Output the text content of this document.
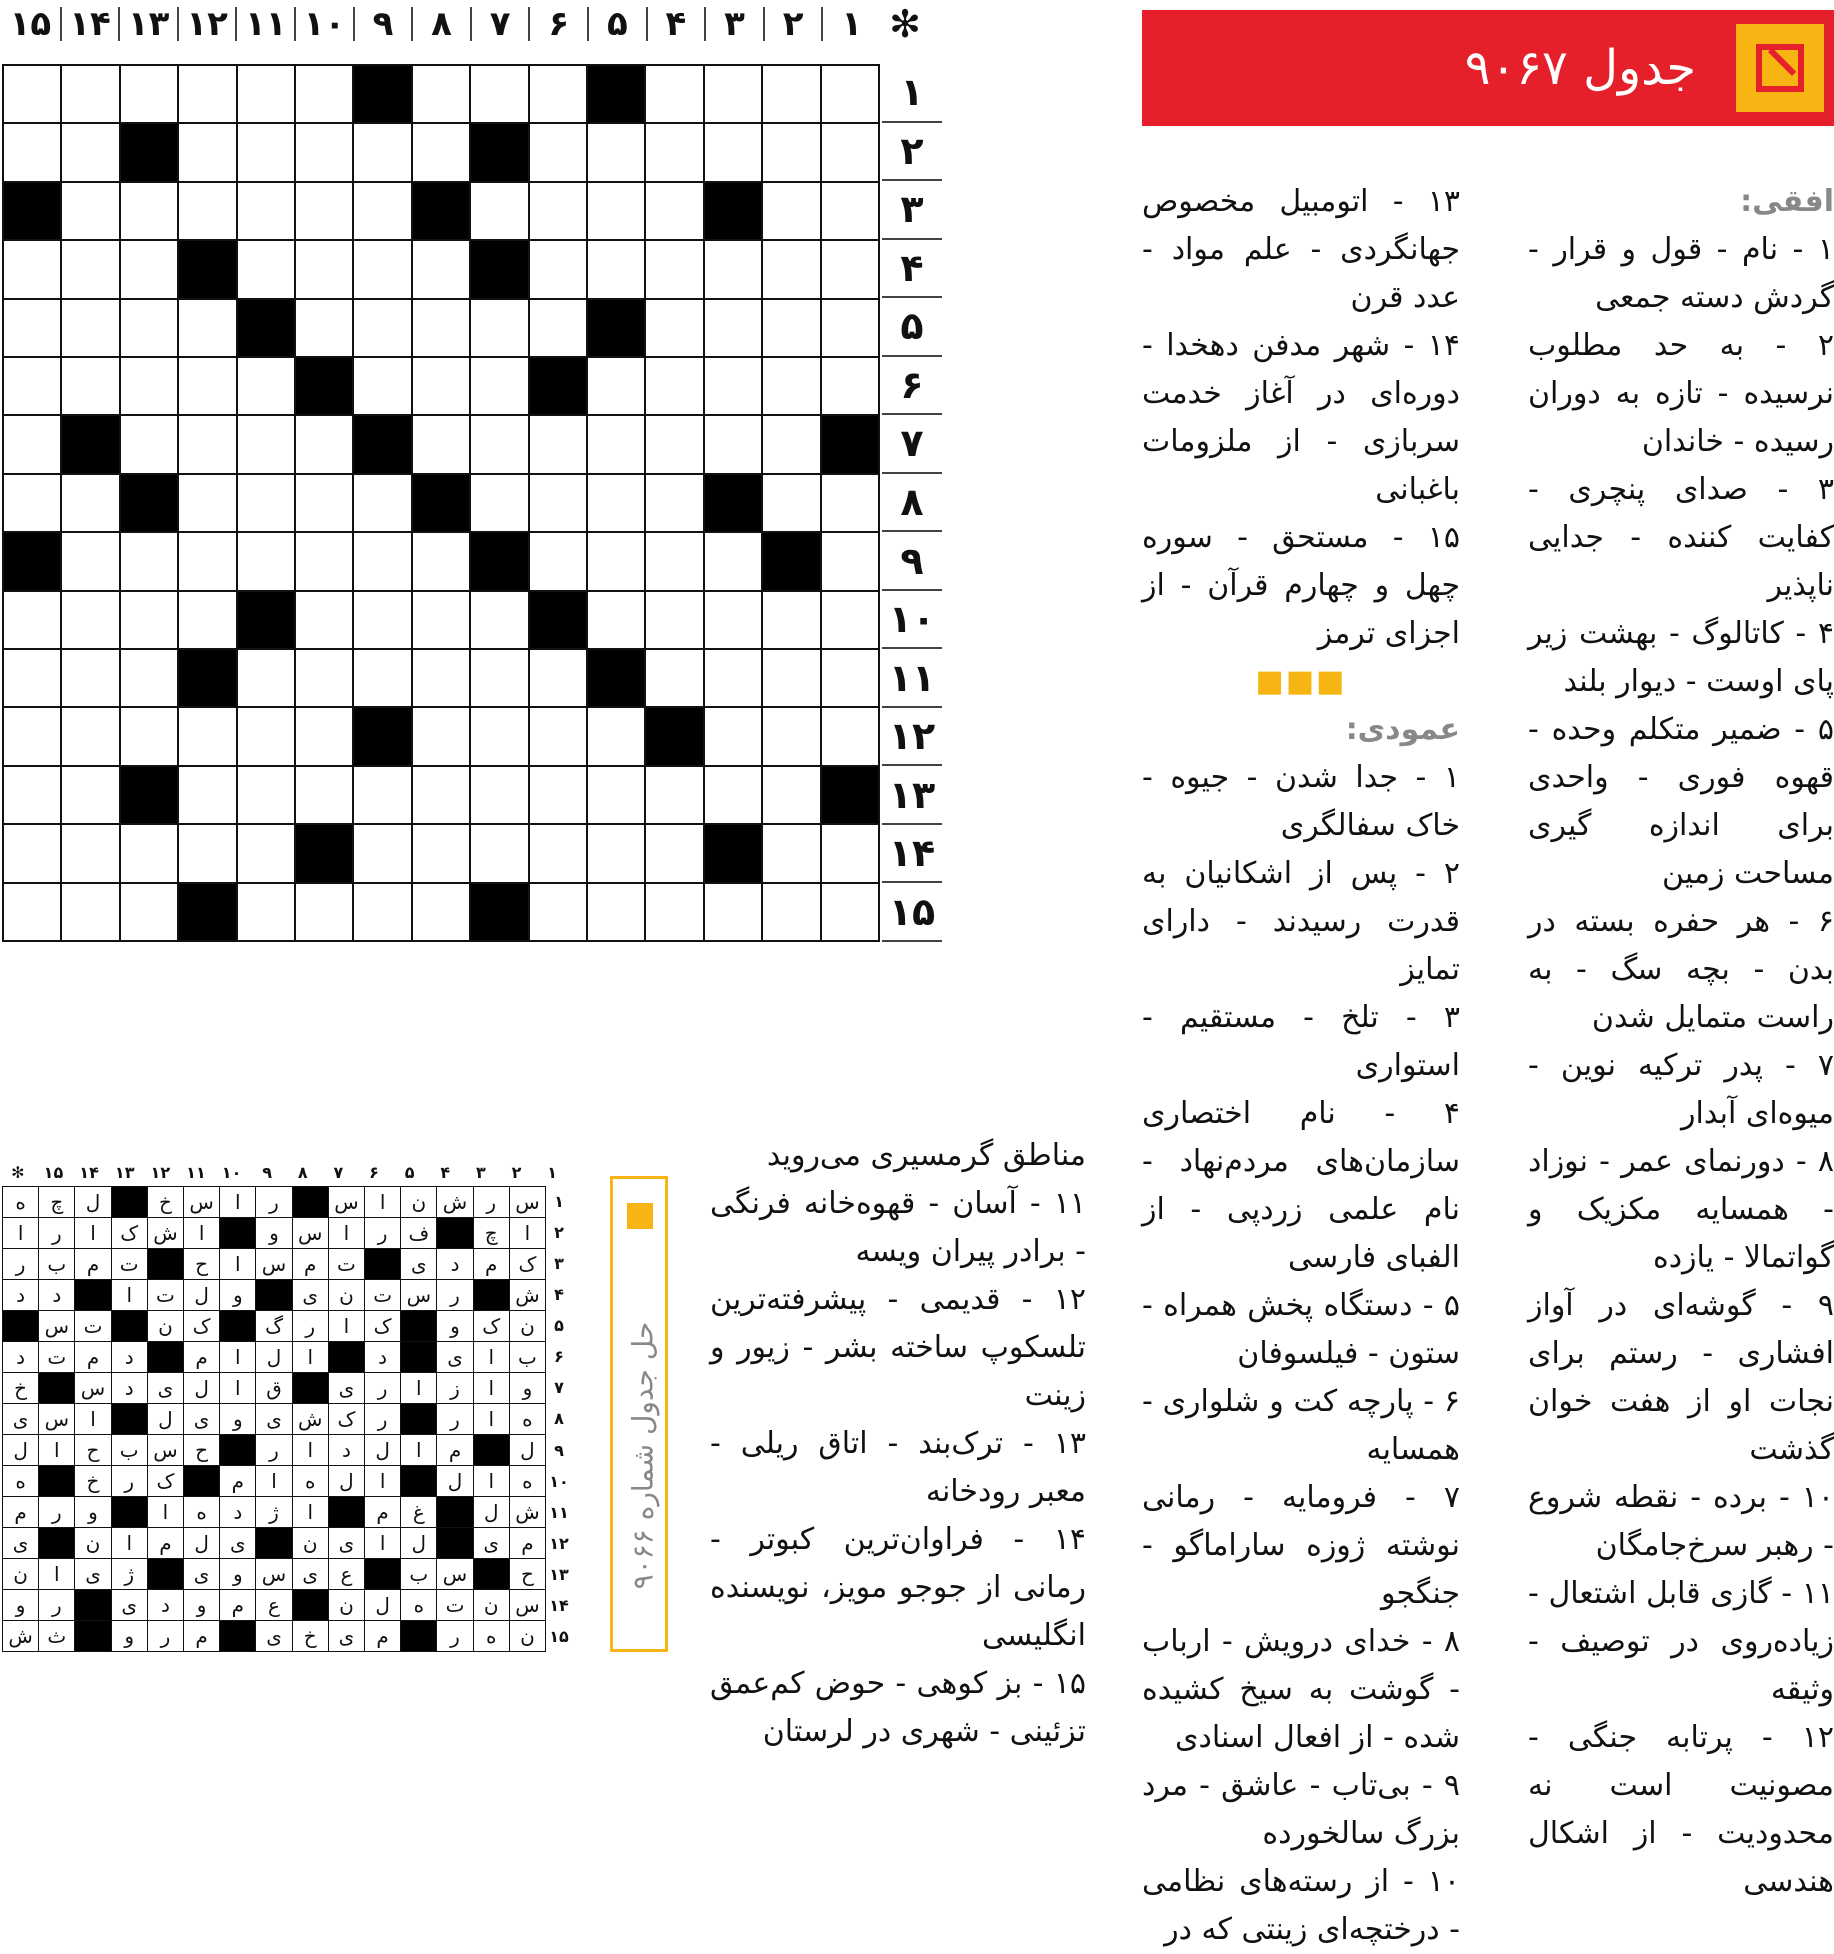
✻
۱
۲
۳
۴
۵
۶
۷
۸
۹
۱۰
۱۱
۱۲
۱۳
۱۴
۱۵
۱
۲
۳
۴
۵
۶
۷
۸
۹
۱۰
۱۱
۱۲
۱۳
۱۴
۱۵
جدول ۹۰۶۷

افقی:

۱ - نام - قول و قرار - گردش دسته جمعی

۲ - به حد مطلوب نرسیده - تازه به دوران رسیده - خاندان

۳ - صدای پنچری - کفایت کننده - جدایی ناپذیر

۴ - کاتالوگ - بهشت زیر پای اوست - دیوار بلند

۵ - ضمیر متکلم وحده - قهوه فوری - واحدی برای اندازه گیری مساحت زمین

۶ - هر حفره بسته در بدن - بچه سگ - به راست متمایل شدن

۷ - پدر ترکیه نوین - میوه‌ای آبدار

۸ - دورنمای عمر - نوزاد - همسایه مکزیک و گواتمالا - یازده

۹ - گوشه‌ای در آواز افشاری - رستم برای نجات او از هفت خوان گذشت

۱۰ - برده - نقطه شروع - رهبر سرخ‌جامگان

۱۱ - گازی قابل اشتعال - زیاده‌روی در توصیف - وثیقه

۱۲ - پرتابه جنگی - مصونیت است نه محدودیت - از اشکال هندسی

۱۳ - اتومبیل مخصوص جهانگردی - علم مواد - عدد قرن

۱۴ - شهر مدفن دهخدا - دوره‌ای در آغاز خدمت سربازی - از ملزومات باغبانی

۱۵ - مستحق - سوره چهل و چهارم قرآن - از اجزای ترمز

■■■

عمودی:

۱ - جدا شدن - جیوه - خاک سفالگری

۲ - پس از اشکانیان به قدرت رسیدند - دارای تمایز

۳ - تلخ - مستقیم - استواری

۴ - نام اختصاری سازمان‌های مردم‌نهاد - نام علمی زردپی - از الفبای فارسی

۵ - دستگاه پخش همراه - ستون - فیلسوفان

۶ - پارچه کت و شلواری - همسایه

۷ - فرومایه - رمانی نوشته ژوزه ساراماگو - جنگجو

۸ - خدای درویش - ارباب - گوشت به سیخ کشیده شده - از افعال اسنادی

۹ - بی‌تاب - عاشق - مرد بزرگ سالخورده

۱۰ - از رسته‌های نظامی - درختچه‌ای زینتی که در

مناطق گرمسیری می‌روید

۱۱ - آسان - قهوه‌خانه فرنگی - برادر پیران ویسه

۱۲ - قدیمی - پیشرفته‌ترین تلسکوپ ساخته بشر - زیور و زینت

۱۳ - ترک‌بند - اتاق ریلی - معبر رودخانه

۱۴ - فراوان‌ترین کبوتر - رمانی از جوجو مویز، نویسنده انگلیسی

۱۵ - بز کوهی - حوض کم‌عمق تزئینی - شهری در لرستان

حل جدول شماره ۹۰۶۶
۱
۲
۳
۴
۵
۶
۷
۸
۹
۱۰
۱۱
۱۲
۱۳
۱۴
۱۵
✻
س
ر
ش
ن
ا
س
ر
ا
س
خ
ل
چ
ه
ا
چ
ف
ر
ا
س
و
ا
ش
ک
ا
ر
ا
ک
م
د
ی
ت
م
س
ا
ح
ت
م
ب
ر
ش
ر
س
ت
ن
ی
و
ل
ت
ا
د
د
ن
ک
و
ک
ا
ر
گ
ک
ن
ت
س
ب
ا
ی
د
ا
ل
ا
م
د
م
ت
د
و
ا
ز
ا
ر
ی
ق
ا
ل
ی
د
س
خ
ه
ا
ر
ر
ک
ش
ی
و
ی
ل
ا
س
ی
ل
م
ا
ل
د
ا
ر
ح
س
ب
ح
ا
ل
ه
ا
ل
ا
ل
ه
ا
م
ک
ر
خ
ه
ش
ل
غ
م
ا
ژ
د
ه
ا
و
ر
م
م
ی
ل
ا
ی
ن
ی
ل
م
ا
ن
ی
ح
س
ب
ع
ی
س
و
ی
ژ
ی
ا
ن
س
ن
ت
ه
ل
ن
ع
م
و
د
ی
ر
و
ن
ه
ر
م
ی
خ
ی
م
ر
و
ث
ش
۱
۲
۳
۴
۵
۶
۷
۸
۹
۱۰
۱۱
۱۲
۱۳
۱۴
۱۵
